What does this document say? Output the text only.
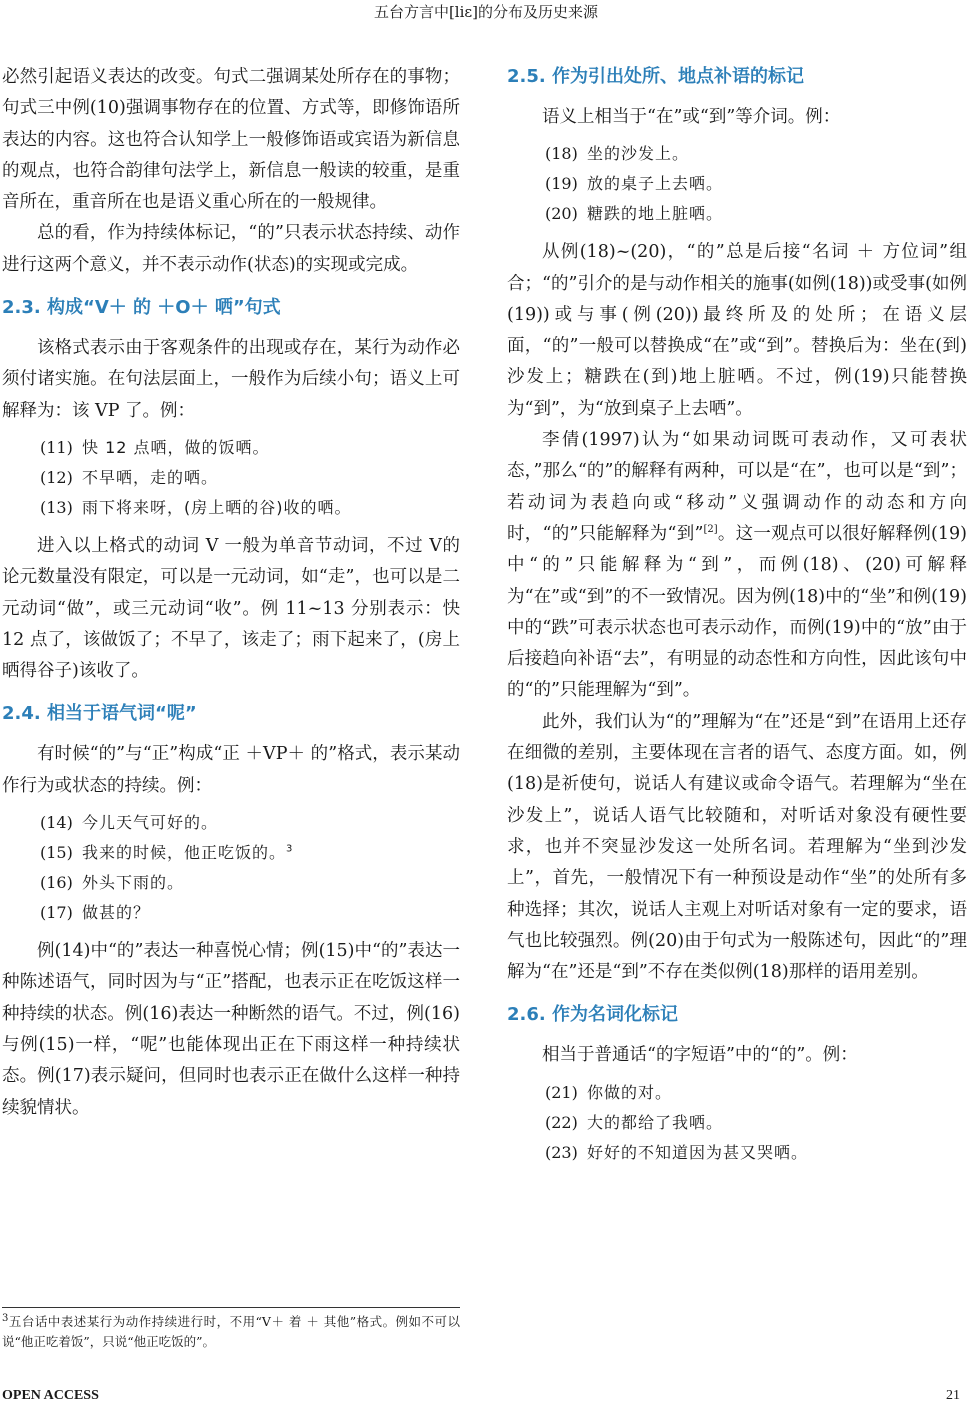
五台方言中[liɛ]的分布及历史来源

必然引起语义表达的改变。句式二强调某处所存在的事物；句式三中例(10)强调事物存在的位置、方式等，即修饰语所表达的内容。这也符合认知学上一般修饰语或宾语为新信息的观点，也符合韵律句法学上，新信息一般读的较重，是重音所在，重音所在也是语义重心所在的一般规律。

总的看，作为持续体标记，“的”只表示状态持续、动作进行这两个意义，并不表示动作(状态)的实现或完成。

2.3. 构成“V＋ 的 ＋O＋ 哂”句式

该格式表示由于客观条件的出现或存在，某行为动作必须付诸实施。在句法层面上，一般作为后续小句；语义上可解释为：该 VP 了。例：

(11) 快 12 点哂，做的饭哂。
(12) 不早哂，走的哂。
(13) 雨下将来呀，(房上晒的谷)收的哂。

进入以上格式的动词 V 一般为单音节动词，不过 V的论元数量没有限定，可以是一元动词，如“走”，也可以是二元动词“做”，或三元动词“收”。例 11~13 分别表示：快 12 点了，该做饭了；不早了，该走了；雨下起来了，(房上晒得谷子)该收了。

2.4. 相当于语气词“呢”

有时候“的”与“正”构成“正 ＋VP＋ 的”格式，表示某动作行为或状态的持续。例：

(14) 今儿天气可好的。
(15) 我来的时候，他正吃饭的。$^3$
(16) 外头下雨的。
(17) 做甚的？

例(14)中“的”表达一种喜悦心情；例(15)中“的”表达一种陈述语气，同时因为与“正”搭配，也表示正在吃饭这样一种持续的状态。例(16)表达一种断然的语气。不过，例(16)与例(15)一样，“呢”也能体现出正在下雨这样一种持续状态。例(17)表示疑问，但同时也表示正在做什么这样一种持续貌情状。

$^3$五台话中表述某行为动作持续进行时，不用“V＋ 着 ＋ 其他”格式。例如不可以说“他正吃着饭”，只说“他正吃饭的”。
2.5. 作为引出处所、地点补语的标记

语义上相当于“在”或“到”等介词。例：

(18) 坐的沙发上。
(19) 放的桌子上去哂。
(20) 糖跌的地上脏哂。

从例(18)~(20)，“的”总是后接“名词 ＋ 方位词”组合；“的”引介的是与动作相关的施事(如例(18))或受事(如例(19))或与事(例(20))最终所及的处所；在语义层面，“的”一般可以替换成“在”或“到”。替换后为：坐在(到)沙发上；糖跌在(到)地上脏哂。不过，例(19)只能替换为“到”，为“放到桌子上去哂”。

李倩(1997)认为“如果动词既可表动作，又可表状态，”那么“的”的解释有两种，可以是“在”，也可以是“到”；若动词为表趋向或“移动”义强调动作的动态和方向时，“的”只能解释为“到”[2]。这一观点可以很好解释例(19)中“的”只能解释为“到”，而例(18)、(20)可解释为“在”或“到”的不一致情况。因为例(18)中的“坐”和例(19)中的“跌”可表示状态也可表示动作，而例(19)中的“放”由于后接趋向补语“去”，有明显的动态性和方向性，因此该句中的“的”只能理解为“到”。

此外，我们认为“的”理解为“在”还是“到”在语用上还存在细微的差别，主要体现在言者的语气、态度方面。如，例(18)是祈使句，说话人有建议或命令语气。若理解为“坐在沙发上”，说话人语气比较随和，对听话对象没有硬性要求，也并不突显沙发这一处所名词。若理解为“坐到沙发上”，首先，一般情况下有一种预设是动作“坐”的处所有多种选择；其次，说话人主观上对听话对象有一定的要求，语气也比较强烈。例(20)由于句式为一般陈述句，因此“的”理解为“在”还是“到”不存在类似例(18)那样的语用差别。

2.6. 作为名词化标记

相当于普通话“的字短语”中的“的”。例：

(21) 你做的对。
(22) 大的都给了我哂。
(23) 好好的不知道因为甚又哭哂。
OPEN ACCESS	21
